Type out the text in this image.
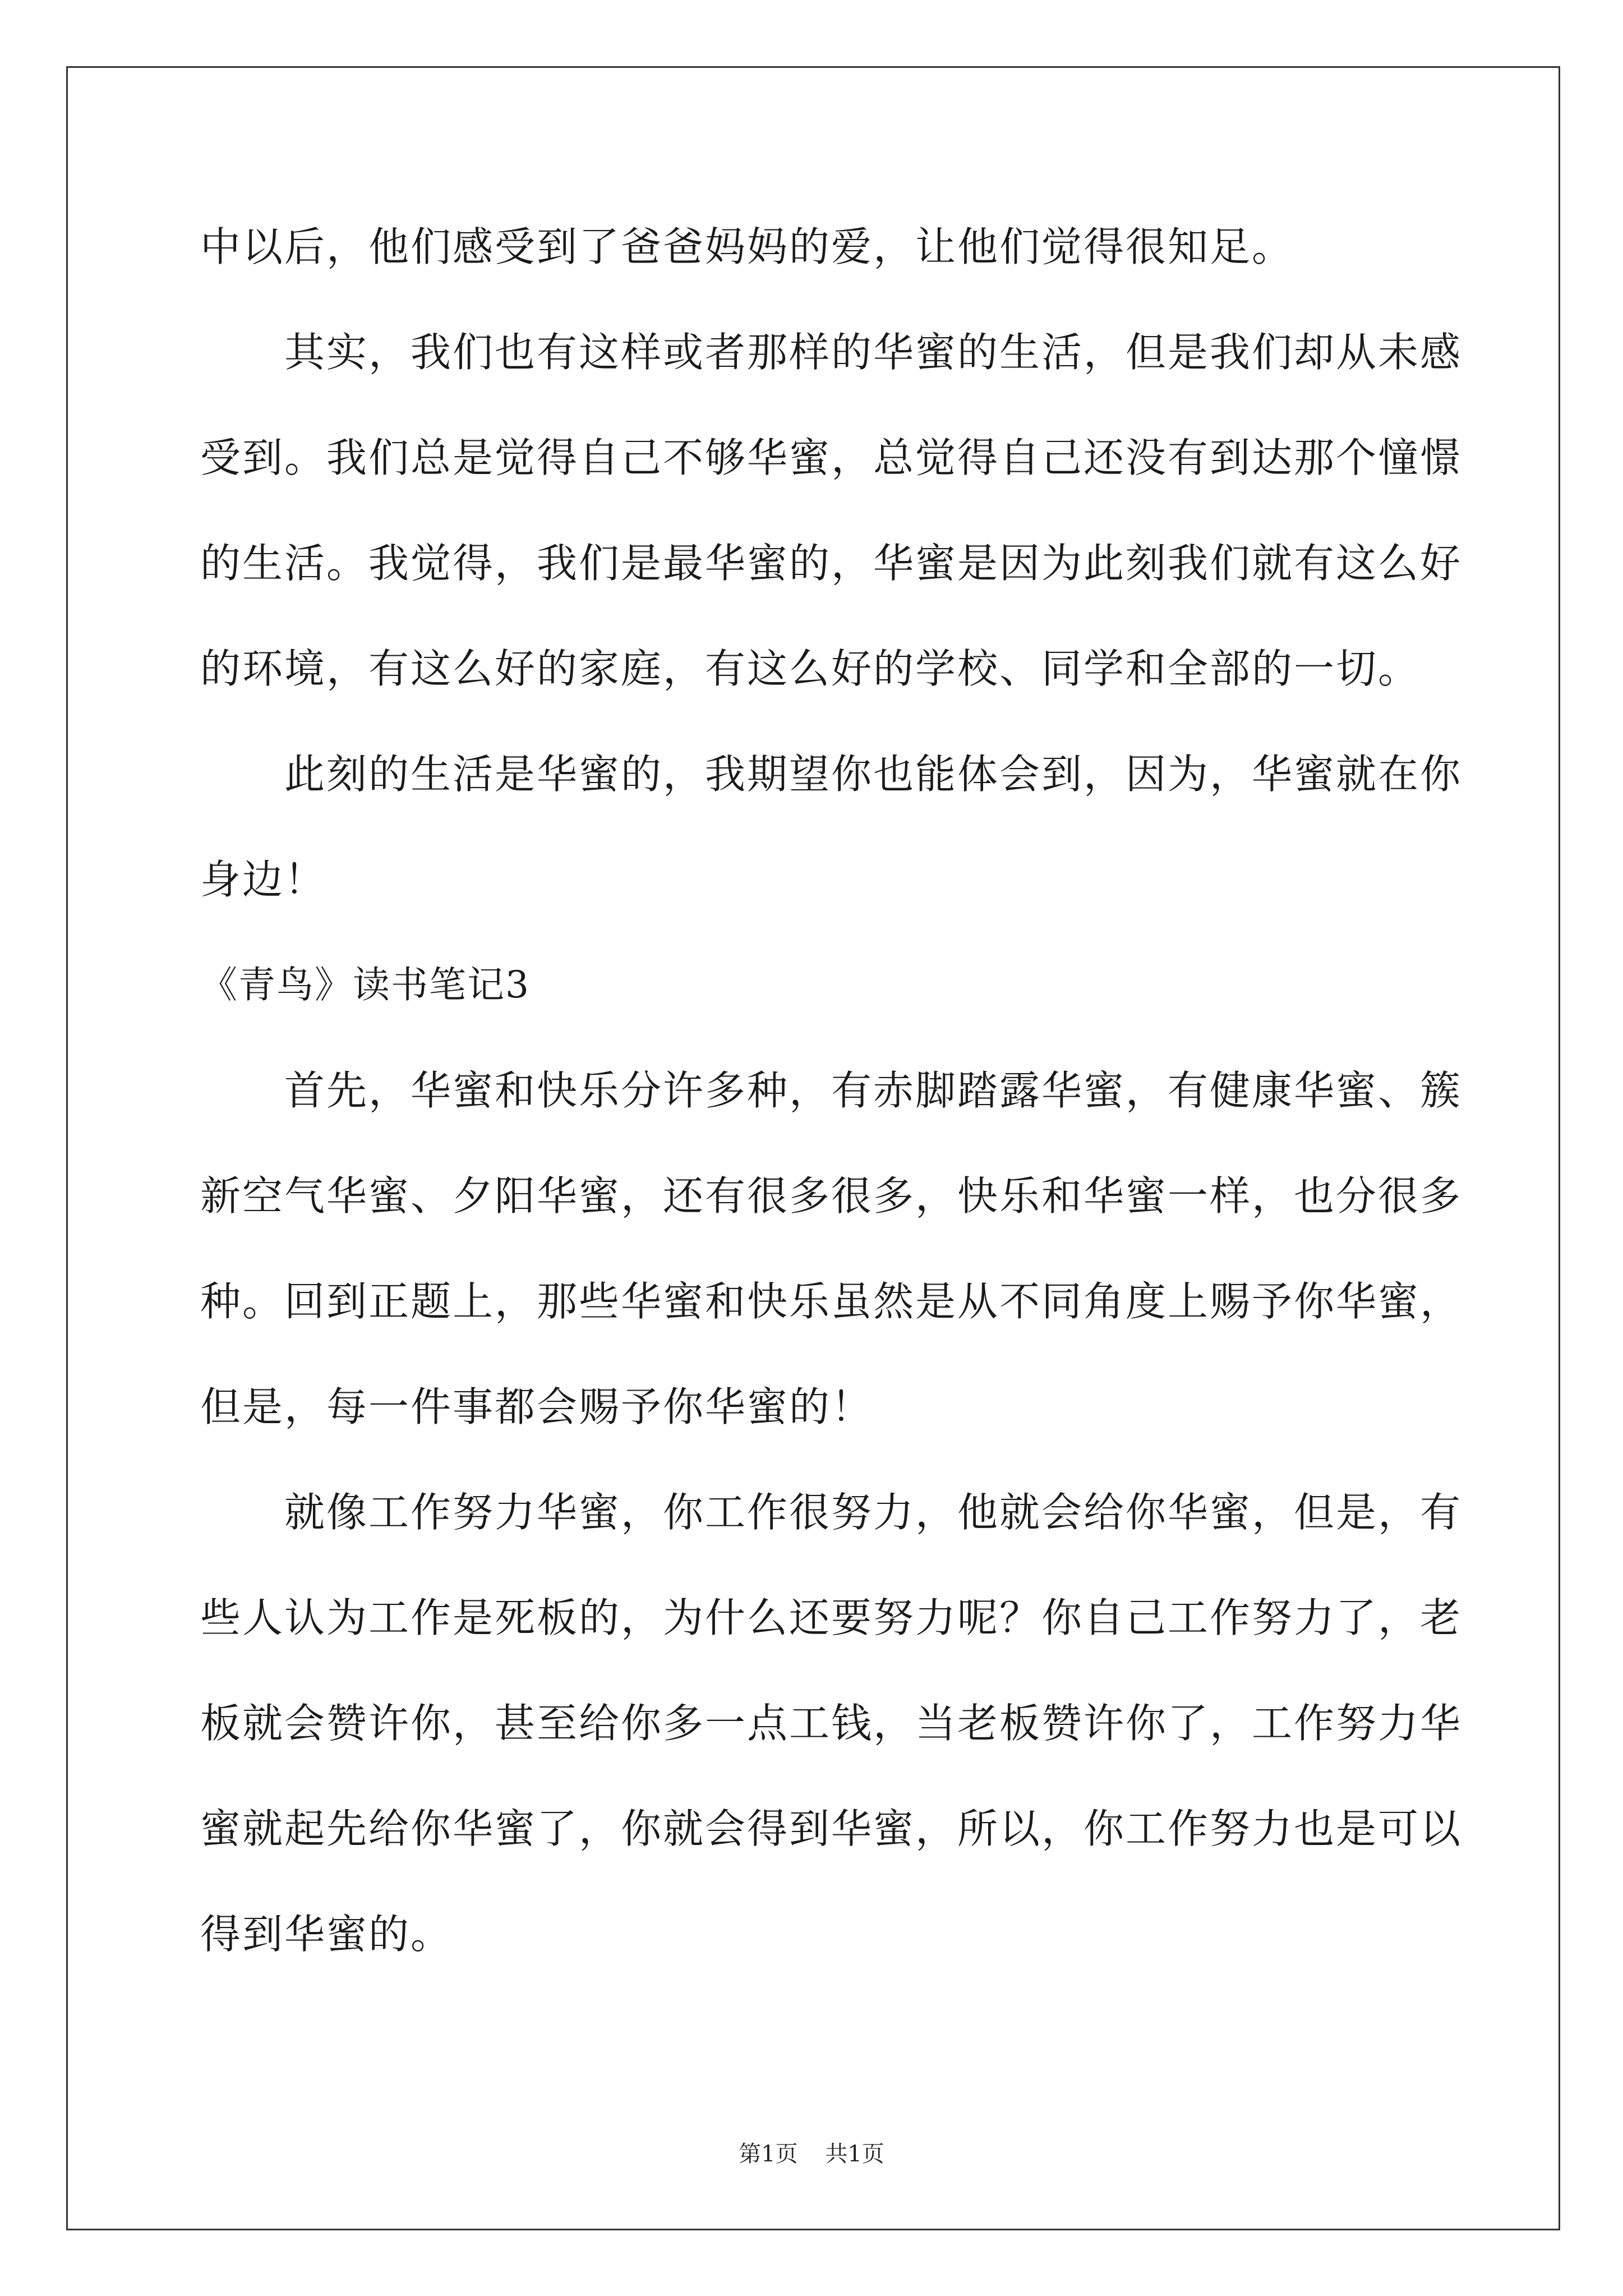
中以后，他们感受到了爸爸妈妈的爱，让他们觉得很知足。
其实，我们也有这样或者那样的华蜜的生活，但是我们却从未感
受到。我们总是觉得自己不够华蜜，总觉得自己还没有到达那个憧憬
的生活。我觉得，我们是最华蜜的，华蜜是因为此刻我们就有这么好
的环境，有这么好的家庭，有这么好的学校、同学和全部的一切。
此刻的生活是华蜜的，我期望你也能体会到，因为，华蜜就在你
身边！
《青鸟》读书笔记3
首先，华蜜和快乐分许多种，有赤脚踏露华蜜，有健康华蜜、簇
新空气华蜜、夕阳华蜜，还有很多很多，快乐和华蜜一样，也分很多
种。回到正题上，那些华蜜和快乐虽然是从不同角度上赐予你华蜜，
但是，每一件事都会赐予你华蜜的！
就像工作努力华蜜，你工作很努力，他就会给你华蜜，但是，有
些人认为工作是死板的，为什么还要努力呢？你自己工作努力了，老
板就会赞许你，甚至给你多一点工钱，当老板赞许你了，工作努力华
蜜就起先给你华蜜了，你就会得到华蜜，所以，你工作努力也是可以
得到华蜜的。
第1页 共1页
